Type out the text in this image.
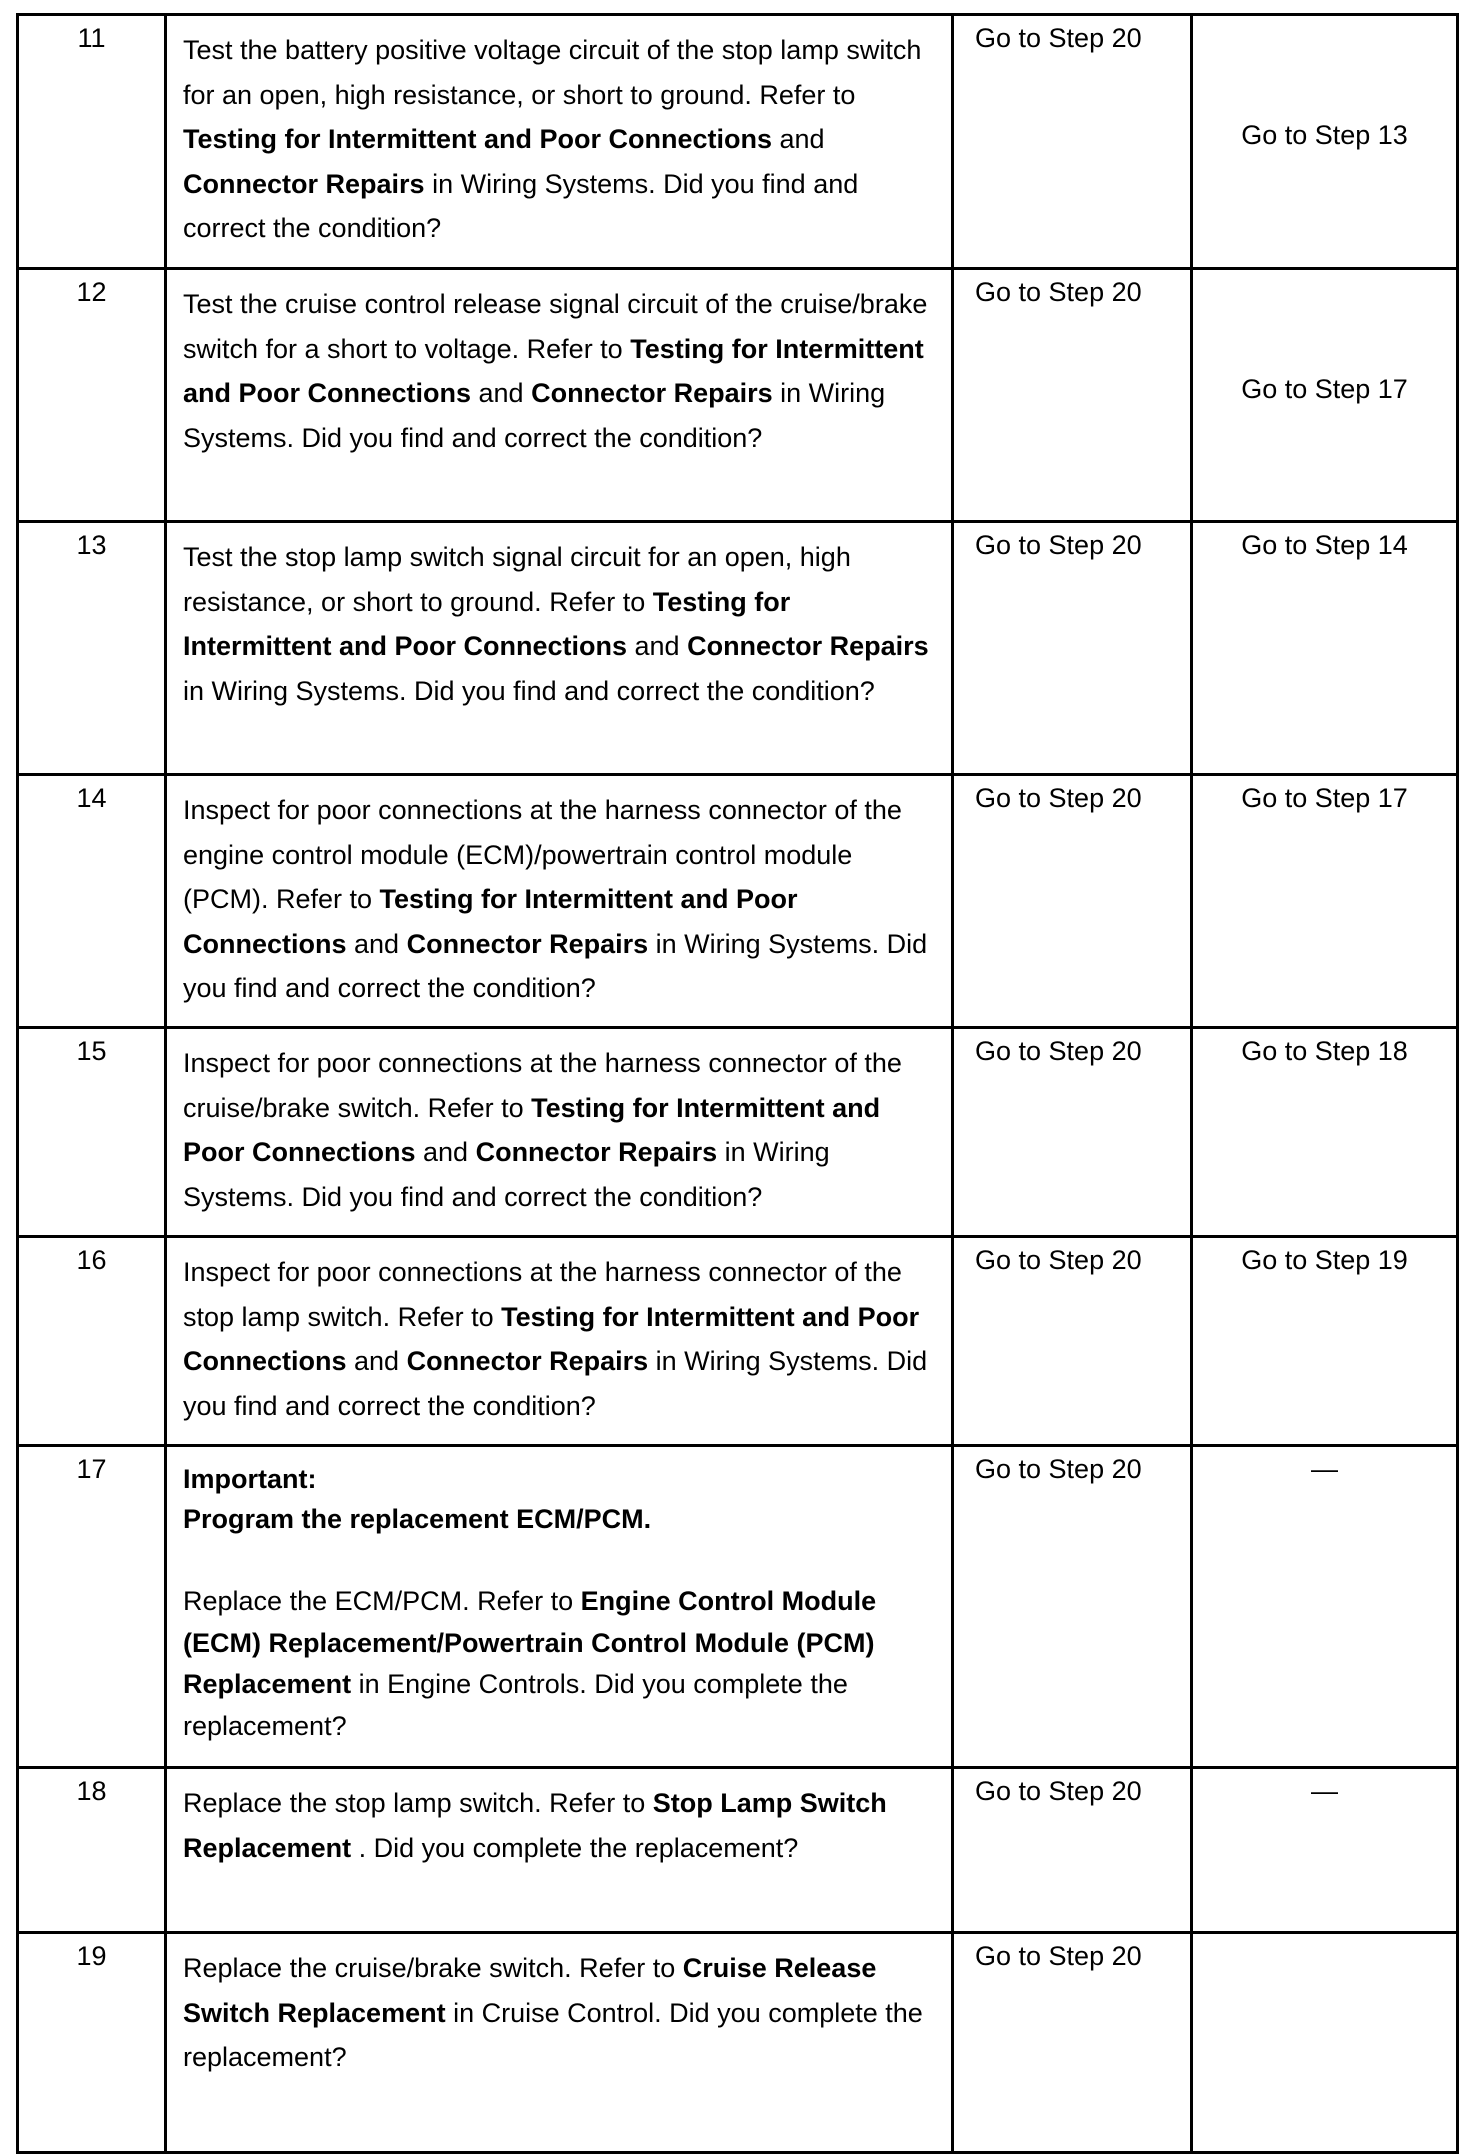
11	Test the battery positive voltage circuit of the stop lamp switch for an open, high resistance, or short to ground. Refer to Testing for Intermittent and Poor Connections and Connector Repairs in Wiring Systems. Did you find and correct the condition?	Go to Step 20	Go to Step 13
12	Test the cruise control release signal circuit of the cruise/brake switch for a short to voltage. Refer to Testing for Intermittent and Poor Connections and Connector Repairs in Wiring Systems. Did you find and correct the condition?	Go to Step 20	Go to Step 17
13	Test the stop lamp switch signal circuit for an open, high resistance, or short to ground. Refer to Testing for Intermittent and Poor Connections and Connector Repairs in Wiring Systems. Did you find and correct the condition?	Go to Step 20	Go to Step 14
14	Inspect for poor connections at the harness connector of the engine control module (ECM)/powertrain control module (PCM). Refer to Testing for Intermittent and Poor Connections and Connector Repairs in Wiring Systems. Did you find and correct the condition?	Go to Step 20	Go to Step 17
15	Inspect for poor connections at the harness connector of the cruise/brake switch. Refer to Testing for Intermittent and Poor Connections and Connector Repairs in Wiring Systems. Did you find and correct the condition?	Go to Step 20	Go to Step 18
16	Inspect for poor connections at the harness connector of the stop lamp switch. Refer to Testing for Intermittent and Poor Connections and Connector Repairs in Wiring Systems. Did you find and correct the condition?	Go to Step 20	Go to Step 19
17	Important:
Program the replacement ECM/PCM.

Replace the ECM/PCM. Refer to Engine Control Module (ECM) Replacement/Powertrain Control Module (PCM) Replacement in Engine Controls. Did you complete the replacement?	Go to Step 20	—
18	Replace the stop lamp switch. Refer to Stop Lamp Switch Replacement . Did you complete the replacement?	Go to Step 20	—
19	Replace the cruise/brake switch. Refer to Cruise Release Switch Replacement in Cruise Control. Did you complete the replacement?	Go to Step 20	
